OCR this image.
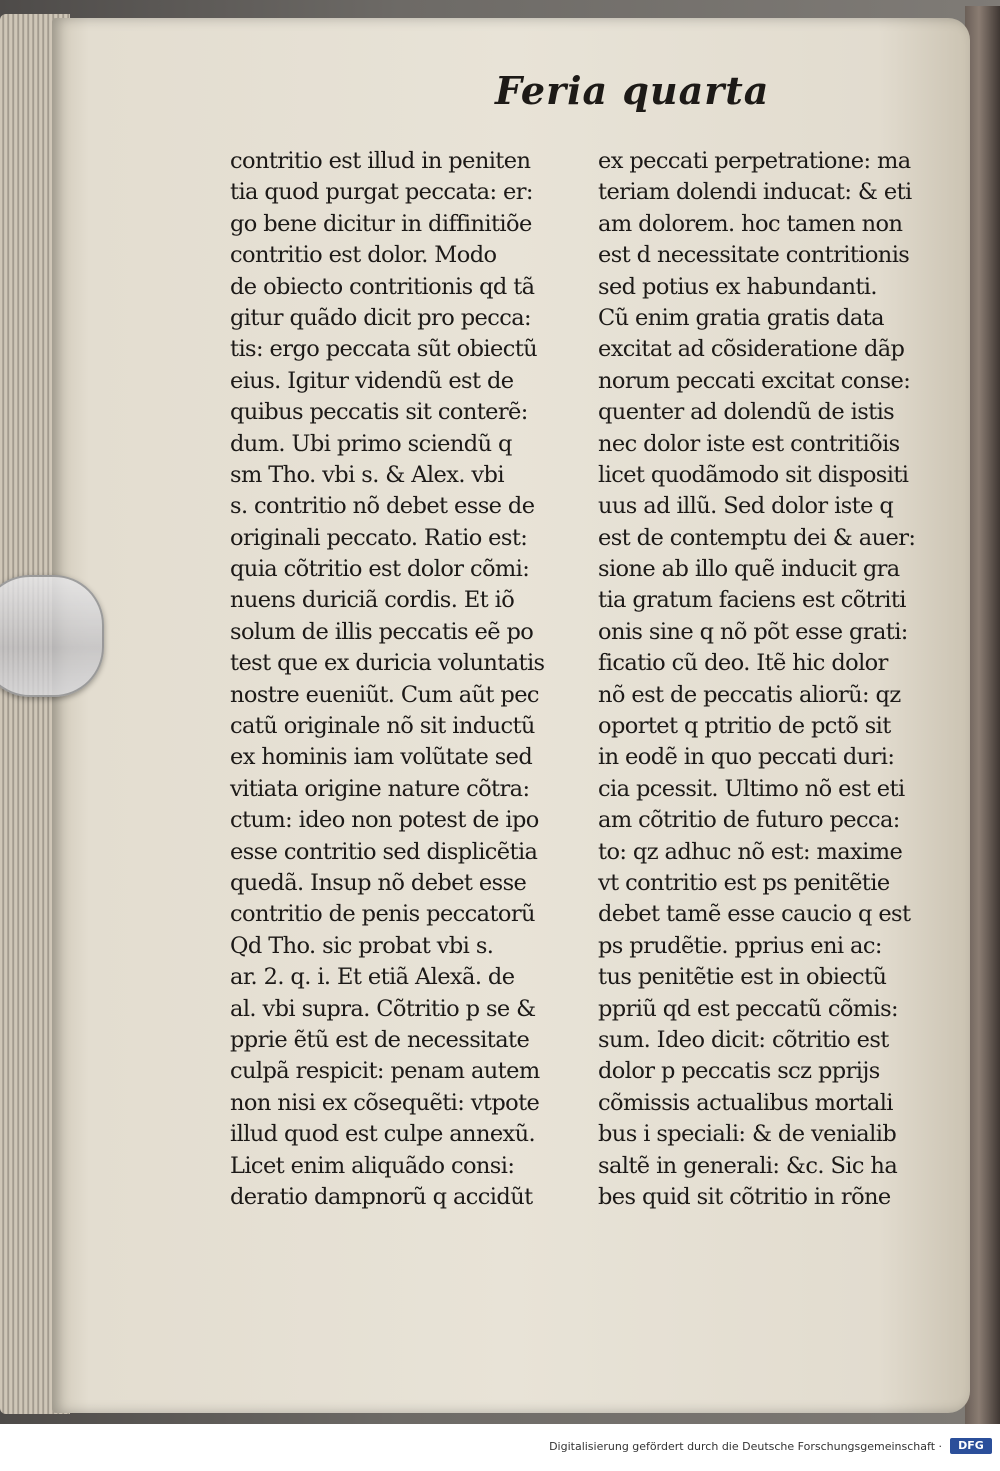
Feria quarta
contritio est illud in peniten
tia quod purgat peccata: er:
go bene dicitur in diffinitiõe
contritio est dolor. Modo
de obiecto contritionis qd tã
gitur quãdo dicit pro pecca:
tis: ergo peccata sũt obiectũ
eius. Igitur videndũ est de
quibus peccatis sit conterẽ:
dum. Ubi primo sciendũ q
sm Tho. vbi s. & Alex. vbi
s. contritio nõ debet esse de
originali peccato. Ratio est:
quia cõtritio est dolor cõmi:
nuens duriciã cordis. Et iõ
solum de illis peccatis eẽ po
test que ex duricia voluntatis
nostre eueniũt. Cum aũt pec
catũ originale nõ sit inductũ
ex hominis iam volũtate sed
vitiata origine nature cõtra:
ctum: ideo non potest de ipo
esse contritio sed displicẽtia
quedã. Insup nõ debet esse
contritio de penis peccatorũ
Qd Tho. sic probat vbi s.
ar. 2. q. i. Et etiã Alexã. de
al. vbi supra. Cõtritio p se &
pprie ẽtũ est de necessitate
culpã respicit: penam autem
non nisi ex cõsequẽti: vtpote
illud quod est culpe annexũ.
Licet enim aliquãdo consi:
deratio dampnorũ q accidũt
ex peccati perpetratione: ma
teriam dolendi inducat: & eti
am dolorem. hoc tamen non
est d necessitate contritionis
sed potius ex habundanti.
Cũ enim gratia gratis data
excitat ad cõsideratione dãp
norum peccati excitat conse:
quenter ad dolendũ de istis
nec dolor iste est contritiõis
licet quodãmodo sit dispositi
uus ad illũ. Sed dolor iste q
est de contemptu dei & auer:
sione ab illo quẽ inducit gra
tia gratum faciens est cõtriti
onis sine q nõ põt esse grati:
ficatio cũ deo. Itẽ hic dolor
nõ est de peccatis aliorũ: qz
oportet q ptritio de pctõ sit
in eodẽ in quo peccati duri:
cia pcessit. Ultimo nõ est eti
am cõtritio de futuro pecca:
to: qz adhuc nõ est: maxime
vt contritio est ps penitẽtie
debet tamẽ esse caucio q est
ps prudẽtie. pprius eni ac:
tus penitẽtie est in obiectũ
ppriũ qd est peccatũ cõmis:
sum. Ideo dicit: cõtritio est
dolor p peccatis scz pprijs
cõmissis actualibus mortali
bus i speciali: & de venialib
saltẽ in generali: &c. Sic ha
bes quid sit cõtritio in rõne
Digitalisierung gefördert durch die Deutsche Forschungsgemeinschaft ·	DFG
